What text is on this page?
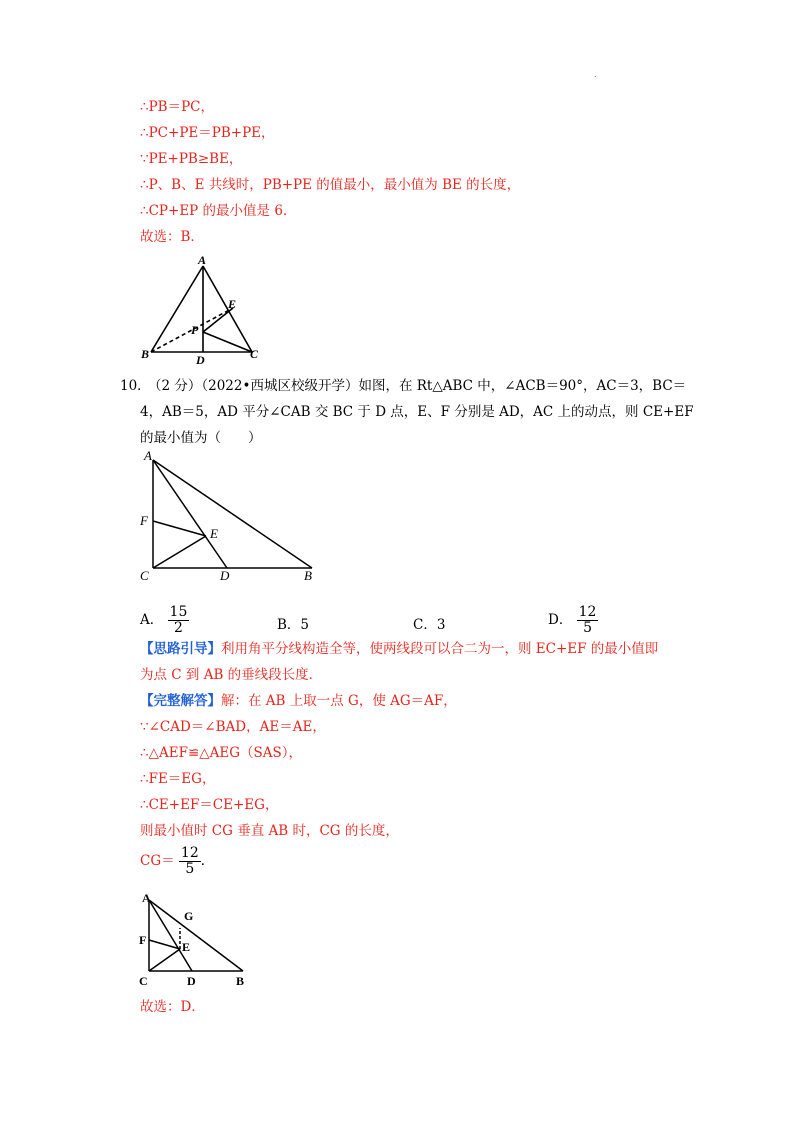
.
∴PB＝PC，
∴PC+PE＝PB+PE，
∵PE+PB≥BE，
∴P、B、E 共线时，PB+PE 的值最小，最小值为 BE 的长度，
∴CP+EP 的最小值是 6．
故选：B．
A
B	C
D
E
P
10．
（2 分）（2022•西城区校级开学）如图，在 Rt△ABC 中，∠ACB＝90°，AC＝3，BC＝
4，AB＝5，AD 平分∠CAB 交 BC 于 D 点，E、F 分别是 AD，AC 上的动点，则 CE+EF
的最小值为（　　）
A
F
E
C	D	B
A． $\frac{15}{2}$	B．5	C．3	D． $\frac{12}{5}$
【思路引导】利用角平分线构造全等，使两线段可以合二为一，则 EC+EF 的最小值即
为点 C 到 AB 的垂线段长度．
【完整解答】解：在 AB 上取一点 G，使 AG＝AF，
∵∠CAD＝∠BAD，AE＝AE，
∴△AEF≌△AEG（SAS），
∴FE＝EG，
∴CE+EF＝CE+EG，
则最小值时 CG 垂直 AB 时，CG 的长度，
$CG= \frac{12}{5}$ ．
A
G
F	E
C	D	B
故选：D．
